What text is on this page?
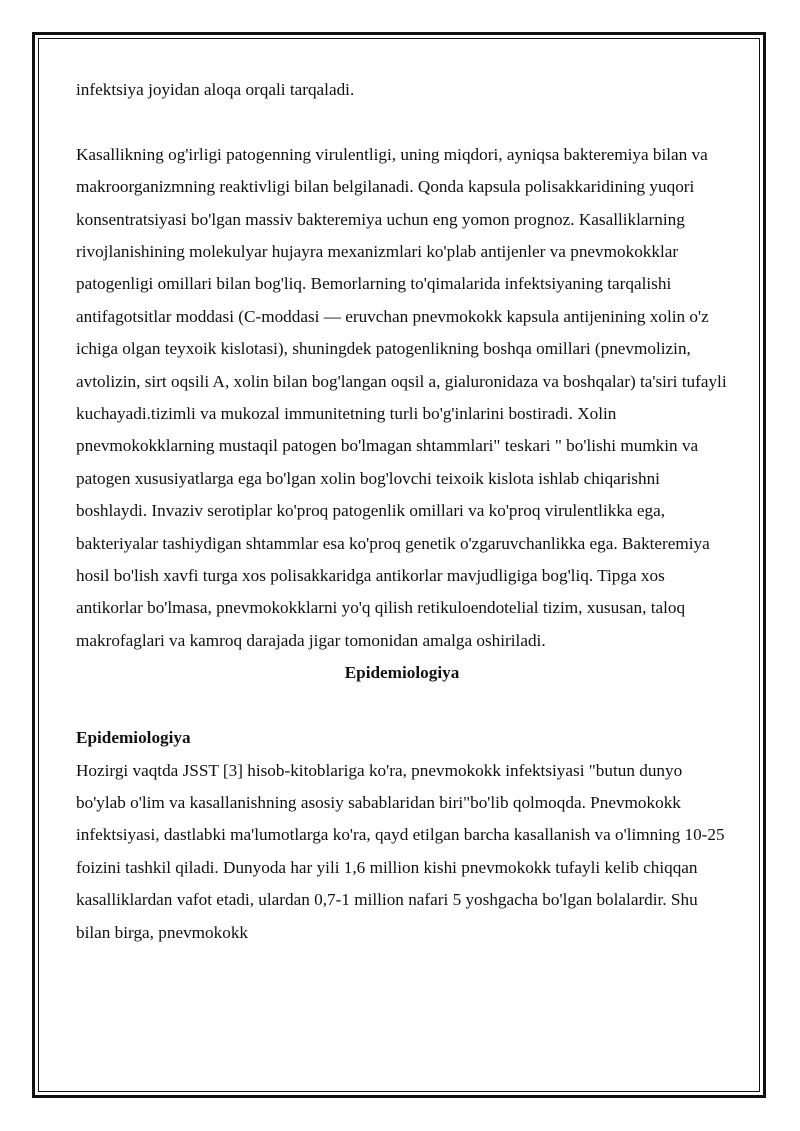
infektsiya joyidan aloqa orqali tarqaladi.

Kasallikning og'irligi patogenning virulentligi, uning miqdori, ayniqsa bakteremiya bilan va makroorganizmning reaktivligi bilan belgilanadi. Qonda kapsula polisakkaridining yuqori konsentratsiyasi bo'lgan massiv bakteremiya uchun eng yomon prognoz. Kasalliklarning rivojlanishining molekulyar hujayra mexanizmlari ko'plab antijenler va pnevmokokklar patogenligi omillari bilan bog'liq. Bemorlarning to'qimalarida infektsiyaning tarqalishi antifagotsitlar moddasi (C-moddasi — eruvchan pnevmokokk kapsula antijenining xolin o'z ichiga olgan teyxoik kislotasi), shuningdek patogenlikning boshqa omillari (pnevmolizin, avtolizin, sirt oqsili A, xolin bilan bog'langan oqsil a, gialuronidaza va boshqalar) ta'siri tufayli kuchayadi.tizimli va mukozal immunitetning turli bo'g'inlarini bostiradi. Xolin pnevmokokklarning mustaqil patogen bo'lmagan shtammlari" teskari " bo'lishi mumkin va patogen xususiyatlarga ega bo'lgan xolin bog'lovchi teixoik kislota ishlab chiqarishni boshlaydi. Invaziv serotiplar ko'proq patogenlik omillari va ko'proq virulentlikka ega, bakteriyalar tashiydigan shtammlar esa ko'proq genetik o'zgaruvchanlikka ega. Bakteremiya hosil bo'lish xavfi turga xos polisakkaridga antikorlar mavjudligiga bog'liq. Tipga xos antikorlar bo'lmasa, pnevmokokklarni yo'q qilish retikuloendotelial tizim, xususan, taloq makrofaglari va kamroq darajada jigar tomonidan amalga oshiriladi.

Epidemiologiya

Epidemiologiya

Hozirgi vaqtda JSST [3] hisob-kitoblariga ko'ra, pnevmokokk infektsiyasi "butun dunyo bo'ylab o'lim va kasallanishning asosiy sabablaridan biri"bo'lib qolmoqda. Pnevmokokk infektsiyasi, dastlabki ma'lumotlarga ko'ra, qayd etilgan barcha kasallanish va o'limning 10-25 foizini tashkil qiladi. Dunyoda har yili 1,6 million kishi pnevmokokk tufayli kelib chiqqan kasalliklardan vafot etadi, ulardan 0,7-1 million nafari 5 yoshgacha bo'lgan bolalardir. Shu bilan birga, pnevmokokk
